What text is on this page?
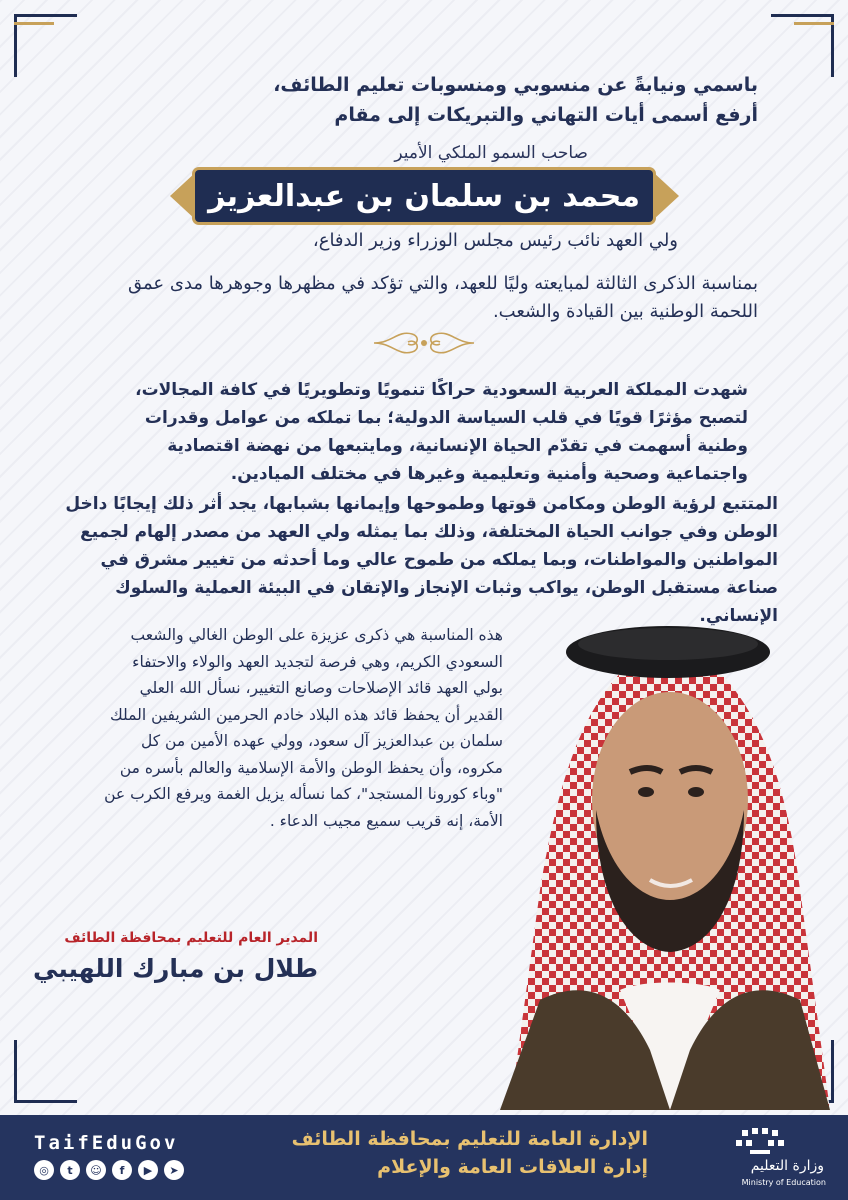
باسمي ونيابةً عن منسوبي ومنسوبات تعليم الطائف،
أرفع أسمى أيات التهاني والتبريكات إلى مقام
صاحب السمو الملكي الأمير
محمد بن سلمان بن عبدالعزيز
ولي العهد نائب رئيس مجلس الوزراء وزير الدفاع،
بمناسبة الذكرى الثالثة لمبايعته وليًا للعهد، والتي تؤكد في مظهرها وجوهرها مدى عمق اللحمة الوطنية بين القيادة والشعب.
شهدت المملكة العربية السعودية حراكًا تنمويًا وتطويريًا في كافة المجالات، لتصبح مؤثرًا قويًا في قلب السياسة الدولية؛ بما تملكه من عوامل وقدرات وطنية أسهمت في تقدّم الحياة الإنسانية، ومايتبعها من نهضة اقتصادية واجتماعية وصحية وأمنية وتعليمية وغيرها في مختلف الميادين.
المتتبع لرؤية الوطن ومكامن قوتها وطموحها وإيمانها بشبابها، يجد أثر ذلك إيجابًا داخل الوطن وفي جوانب الحياة المختلفة، وذلك بما يمثله ولي العهد من مصدر إلهام لجميع المواطنين والمواطنات، وبما يملكه من طموح عالي وما أحدثه من تغيير مشرق في صناعة مستقبل الوطن، يواكب وثبات الإنجاز والإتقان في البيئة العملية والسلوك الإنساني.
هذه المناسبة هي ذكرى عزيزة على الوطن الغالي والشعب السعودي الكريم، وهي فرصة لتجديد العهد والولاء والاحتفاء بولي العهد قائد الإصلاحات وصانع التغيير، نسأل الله العلي القدير أن يحفظ قائد هذه البلاد خادم الحرمين الشريفين الملك سلمان بن عبدالعزيز آل سعود، وولي عهده الأمين من كل مكروه، وأن يحفظ الوطن والأمة الإسلامية والعالم بأسره من "وباء كورونا المستجد"، كما نسأله يزيل الغمة ويرفع الكرب عن الأمة، إنه قريب سميع مجيب الدعاء .
المدير العام للتعليم بمحافظة الطائف
طلال بن مبارك اللهيبي
TaifEduGov
◎	t	☺	f	▶	➤
الإدارة العامة للتعليم بمحافظة الطائف
إدارة العلاقات العامة والإعلام	وزارة التعليم
Ministry of Education
